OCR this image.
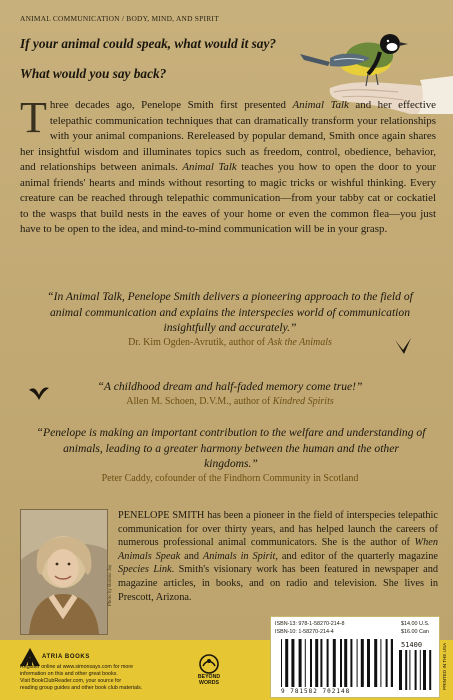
ANIMAL COMMUNICATION / BODY, MIND, AND SPIRIT
If your animal could speak, what would it say?
What would you say back?
Three decades ago, Penelope Smith first presented Animal Talk and her effective telepathic communication techniques that can dramatically transform your relationships with your animal companions. Rereleased by popular demand, Smith once again shares her insightful wisdom and illuminates topics such as freedom, control, obedience, behavior, and relationships between animals. Animal Talk teaches you how to open the door to your animal friends' hearts and minds without resorting to magic tricks or wishful thinking. Every creature can be reached through telepathic communication—from your tabby cat or cockatiel to the wasps that build nests in the eaves of your home or even the common flea—you just have to be open to the idea, and mind-to-mind communication will be in your grasp.
“In Animal Talk, Penelope Smith delivers a pioneering approach to the field of animal communication and explains the interspecies world of communication insightfully and accurately.”
Dr. Kim Ogden-Avrutik, author of Ask the Animals
“A childhood dream and half-faded memory come true!”
Allen M. Schoen, D.V.M., author of Kindred Spirits
“Penelope is making an important contribution to the welfare and understanding of animals, leading to a greater harmony between the human and the other kingdoms.”
Peter Caddy, cofounder of the Findhorn Community in Scotland
Photo by Bonnie Jay
PENELOPE SMITH has been a pioneer in the field of interspecies telepathic communication for over thirty years, and has helped launch the careers of numerous professional animal communicators. She is the author of When Animals Speak and Animals in Spirit, and editor of the quarterly magazine Species Link. Smith's visionary work has been featured in newspaper and magazine articles, in books, and on radio and television. She lives in Prescott, Arizona.
ATRIA BOOKS
Register online at www.simonsays.com for more
information on this and other great books.
Visit BookClubReader.com, your source for
reading group guides and other book club materials.
BEYOND
WORDS
ISBN-13: 978-1-58270-214-8
ISBN-10: 1-58270-214-4
$14.00 U.S.
$16.00 Can
9 781582 702148
51400	PRINTED IN THE USA
